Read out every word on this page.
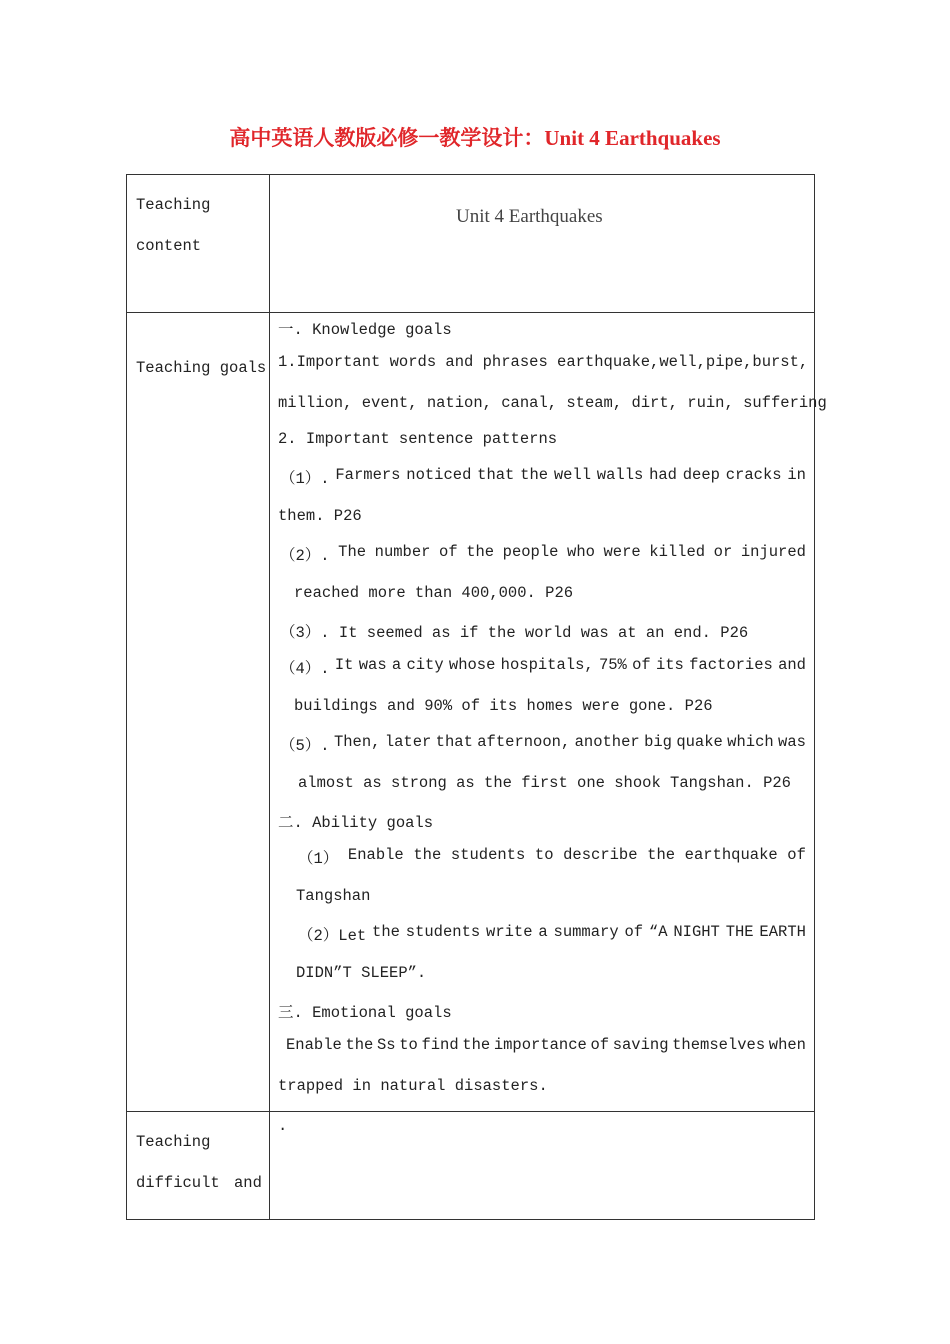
高中英语人教版必修一教学设计：Unit 4 Earthquakes
Teaching
content
Unit 4 Earthquakes
Teaching goals
一. Knowledge goals
1.Important words and phrases earthquake, well, pipe, burst,
million, event, nation, canal, steam, dirt, ruin, suffering
2. Important sentence patterns
（1）. Farmers noticed that the well walls had deep cracks in
them. P26
（2）. The number of the people who were killed or injured
reached more than 400,000. P26
（3）. It seemed as if the world was at an end. P26
（4）. It was a city whose hospitals, 75% of its factories and
buildings and 90% of its homes were gone. P26
（5）. Then, later that afternoon, another big quake which was
almost as strong as the first one shook Tangshan. P26
二. Ability goals
（1） Enable the students to describe the earthquake of
Tangshan
（2）Let the students write a summary of “A NIGHT THE EARTH
DIDN”T SLEEP”.
三. Emotional goals
Enable the Ss to find the importance of saving themselves when
trapped in natural disasters.
Teaching
difficult and
.
